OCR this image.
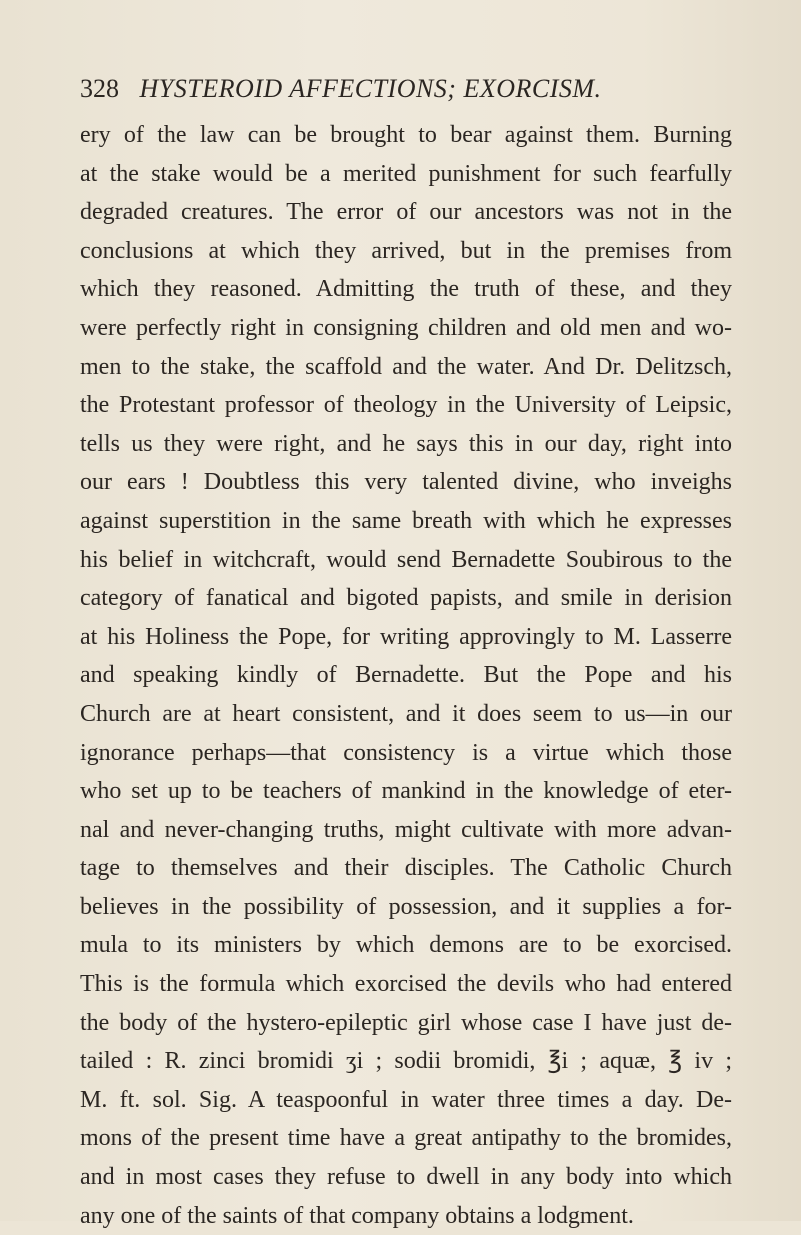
328 HYSTEROID AFFECTIONS; EXORCISM.
ery of the law can be brought to bear against them. Burning
at the stake would be a merited punishment for such fearfully
degraded creatures. The error of our ancestors was not in the
conclusions at which they arrived, but in the premises from
which they reasoned. Admitting the truth of these, and they
were perfectly right in consigning children and old men and wo-
men to the stake, the scaffold and the water. And Dr. Delitzsch,
the Protestant professor of theology in the University of Leipsic,
tells us they were right, and he says this in our day, right into
our ears ! Doubtless this very talented divine, who inveighs
against superstition in the same breath with which he expresses
his belief in witchcraft, would send Bernadette Soubirous to the
category of fanatical and bigoted papists, and smile in derision
at his Holiness the Pope, for writing approvingly to M. Lasserre
and speaking kindly of Bernadette. But the Pope and his
Church are at heart consistent, and it does seem to us—in our
ignorance perhaps—that consistency is a virtue which those
who set up to be teachers of mankind in the knowledge of eter-
nal and never-changing truths, might cultivate with more advan-
tage to themselves and their disciples. The Catholic Church
believes in the possibility of possession, and it supplies a for-
mula to its ministers by which demons are to be exorcised.
This is the formula which exorcised the devils who had entered
the body of the hystero-epileptic girl whose case I have just de-
tailed : R. zinci bromidi ʒi ; sodii bromidi, ℥i ; aquæ, ℥ iv ;
M. ft. sol. Sig. A teaspoonful in water three times a day. De-
mons of the present time have a great antipathy to the bromides,
and in most cases they refuse to dwell in any body into which
any one of the saints of that company obtains a lodgment.
